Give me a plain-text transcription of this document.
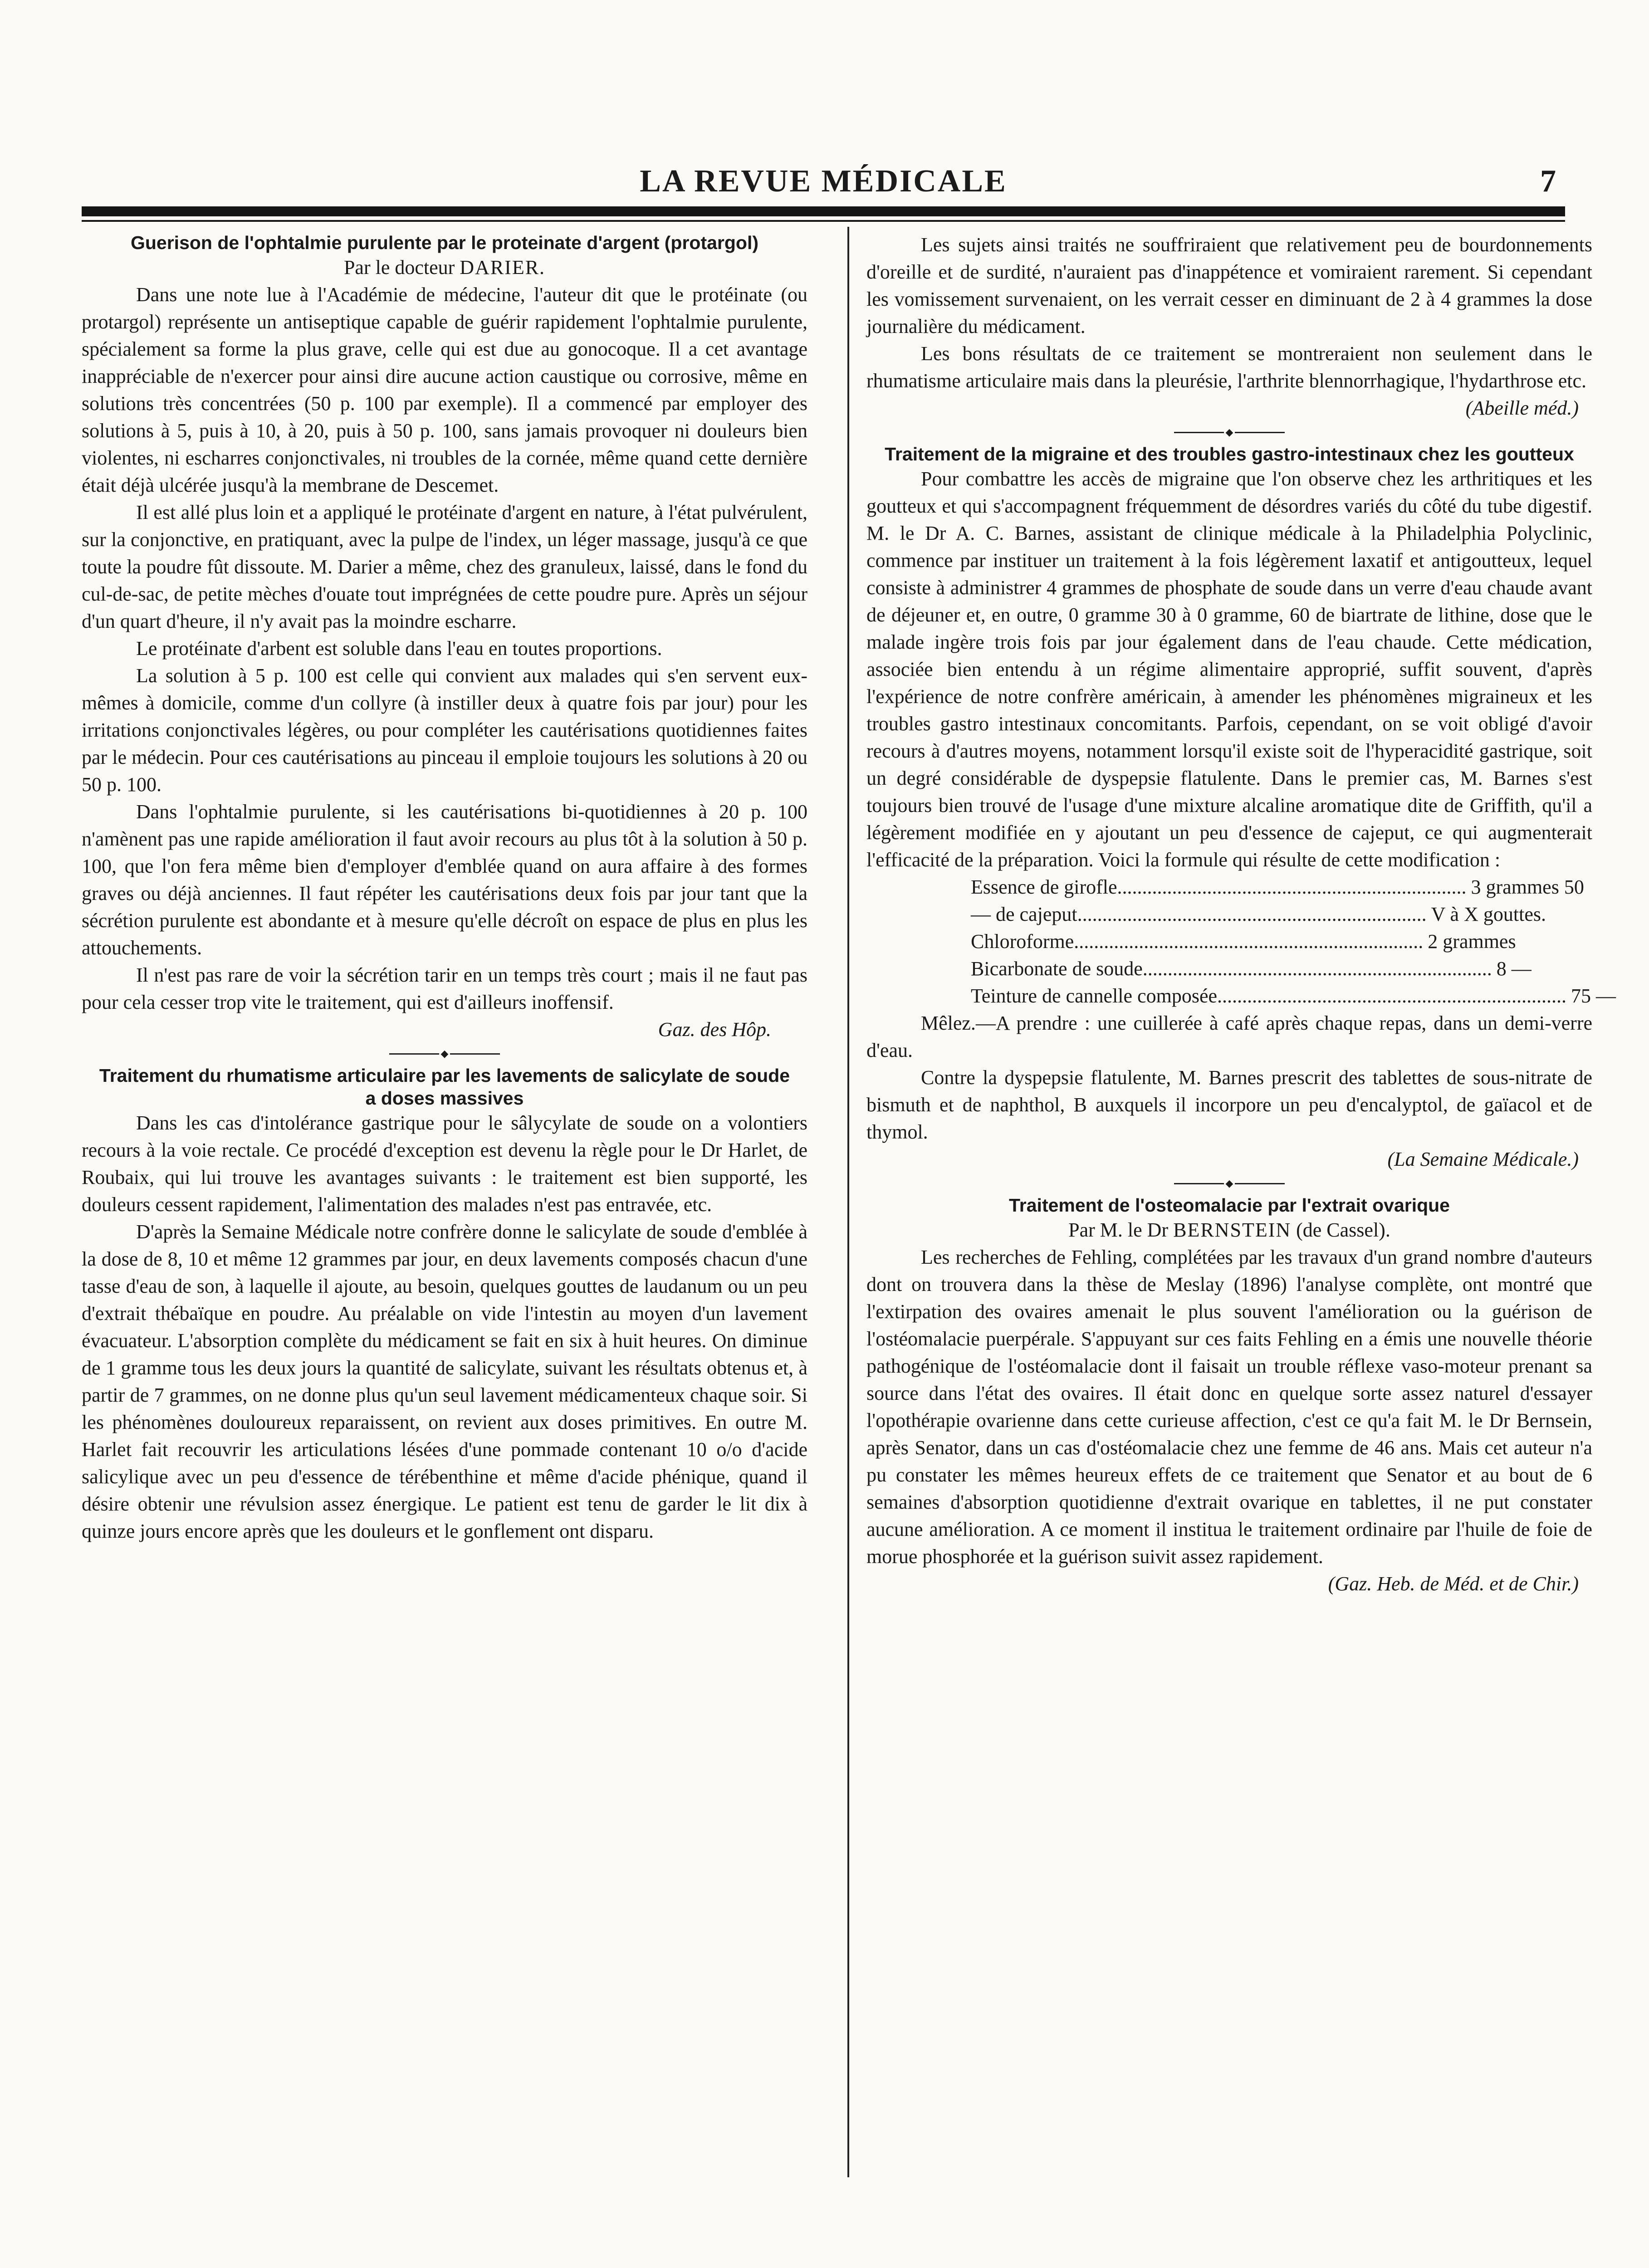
LA REVUE MÉDICALE	7
Guerison de l'ophtalmie purulente par le proteinate d'argent (protargol)
Par le docteur DARIER.

Dans une note lue à l'Académie de médecine, l'auteur dit que le protéinate (ou protargol) représente un antiseptique capable de guérir rapidement l'ophtalmie purulente, spécialement sa forme la plus grave, celle qui est due au gonocoque. Il a cet avantage inappréciable de n'exercer pour ainsi dire aucune action caustique ou corrosive, même en solutions très concentrées (50 p. 100 par exemple). Il a commencé par employer des solutions à 5, puis à 10, à 20, puis à 50 p. 100, sans jamais provoquer ni douleurs bien violentes, ni escharres conjonctivales, ni troubles de la cornée, même quand cette dernière était déjà ulcérée jusqu'à la membrane de Descemet.

Il est allé plus loin et a appliqué le protéinate d'argent en nature, à l'état pulvérulent, sur la conjonctive, en pratiquant, avec la pulpe de l'index, un léger massage, jusqu'à ce que toute la poudre fût dissoute. M. Darier a même, chez des granuleux, laissé, dans le fond du cul-de-sac, de petite mèches d'ouate tout imprégnées de cette poudre pure. Après un séjour d'un quart d'heure, il n'y avait pas la moindre escharre.

Le protéinate d'arbent est soluble dans l'eau en toutes proportions.

La solution à 5 p. 100 est celle qui convient aux malades qui s'en servent eux-mêmes à domicile, comme d'un collyre (à instiller deux à quatre fois par jour) pour les irritations conjonctivales légères, ou pour compléter les cautérisations quotidiennes faites par le médecin. Pour ces cautérisations au pinceau il emploie toujours les solutions à 20 ou 50 p. 100.

Dans l'ophtalmie purulente, si les cautérisations bi-quotidiennes à 20 p. 100 n'amènent pas une rapide amélioration il faut avoir recours au plus tôt à la solution à 50 p. 100, que l'on fera même bien d'employer d'emblée quand on aura affaire à des formes graves ou déjà anciennes. Il faut répéter les cautérisations deux fois par jour tant que la sécrétion purulente est abondante et à mesure qu'elle décroît on espace de plus en plus les attouchements.

Il n'est pas rare de voir la sécrétion tarir en un temps très court ; mais il ne faut pas pour cela cesser trop vite le traitement, qui est d'ailleurs inoffensif.

Gaz. des Hôp.
◆
Traitement du rhumatisme articulaire par les lavements de salicylate de soude a doses massives

Dans les cas d'intolérance gastrique pour le sâlycylate de soude on a volontiers recours à la voie rectale. Ce procédé d'exception est devenu la règle pour le Dr Harlet, de Roubaix, qui lui trouve les avantages suivants : le traitement est bien supporté, les douleurs cessent rapidement, l'alimentation des malades n'est pas entravée, etc.

D'après la Semaine Médicale notre confrère donne le salicylate de soude d'emblée à la dose de 8, 10 et même 12 grammes par jour, en deux lavements composés chacun d'une tasse d'eau de son, à laquelle il ajoute, au besoin, quelques gouttes de laudanum ou un peu d'extrait thébaïque en poudre. Au préalable on vide l'intestin au moyen d'un lavement évacuateur. L'absorption complète du médicament se fait en six à huit heures. On diminue de 1 gramme tous les deux jours la quantité de salicylate, suivant les résultats obtenus et, à partir de 7 grammes, on ne donne plus qu'un seul lavement médicamenteux chaque soir. Si les phénomènes douloureux reparaissent, on revient aux doses primitives. En outre M. Harlet fait recouvrir les articulations lésées d'une pommade contenant 10 o/o d'acide salicylique avec un peu d'essence de térébenthine et même d'acide phénique, quand il désire obtenir une révulsion assez énergique. Le patient est tenu de garder le lit dix à quinze jours encore après que les douleurs et le gonflement ont disparu.

Les sujets ainsi traités ne souffriraient que relativement peu de bourdonnements d'oreille et de surdité, n'auraient pas d'inappétence et vomiraient rarement. Si cependant les vomissement survenaient, on les verrait cesser en diminuant de 2 à 4 grammes la dose journalière du médicament.

Les bons résultats de ce traitement se montreraient non seulement dans le rhumatisme articulaire mais dans la pleurésie, l'arthrite blennorrhagique, l'hydarthrose etc.

(Abeille méd.)
◆
Traitement de la migraine et des troubles gastro-intestinaux chez les goutteux

Pour combattre les accès de migraine que l'on observe chez les arthritiques et les goutteux et qui s'accompagnent fréquemment de désordres variés du côté du tube digestif. M. le Dr A. C. Barnes, assistant de clinique médicale à la Philadelphia Polyclinic, commence par instituer un traitement à la fois légèrement laxatif et antigoutteux, lequel consiste à administrer 4 grammes de phosphate de soude dans un verre d'eau chaude avant de déjeuner et, en outre, 0 gramme 30 à 0 gramme, 60 de biartrate de lithine, dose que le malade ingère trois fois par jour également dans de l'eau chaude. Cette médication, associée bien entendu à un régime alimentaire approprié, suffit souvent, d'après l'expérience de notre confrère américain, à amender les phénomènes migraineux et les troubles gastro intestinaux concomitants. Parfois, cependant, on se voit obligé d'avoir recours à d'autres moyens, notamment lorsqu'il existe soit de l'hyperacidité gastrique, soit un degré considérable de dyspepsie flatulente. Dans le premier cas, M. Barnes s'est toujours bien trouvé de l'usage d'une mixture alcaline aromatique dite de Griffith, qu'il a légèrement modifiée en y ajoutant un peu d'essence de cajeput, ce qui augmenterait l'efficacité de la préparation. Voici la formule qui résulte de cette modification :

Essence de girofle ...................................................................... 3 grammes 50
— de cajeput ...................................................................... V à X gouttes.
Chloroforme ...................................................................... 2 grammes
Bicarbonate de soude ...................................................................... 8 —
Teinture de cannelle composée ...................................................................... 75 —

Mêlez.—A prendre : une cuillerée à café après chaque repas, dans un demi-verre d'eau.

Contre la dyspepsie flatulente, M. Barnes prescrit des tablettes de sous-nitrate de bismuth et de naphthol, B auxquels il incorpore un peu d'encalyptol, de gaïacol et de thymol.

(La Semaine Médicale.)
◆
Traitement de l'osteomalacie par l'extrait ovarique
Par M. le Dr BERNSTEIN (de Cassel).

Les recherches de Fehling, complétées par les travaux d'un grand nombre d'auteurs dont on trouvera dans la thèse de Meslay (1896) l'analyse complète, ont montré que l'extirpation des ovaires amenait le plus souvent l'amélioration ou la guérison de l'ostéomalacie puerpérale. S'appuyant sur ces faits Fehling en a émis une nouvelle théorie pathogénique de l'ostéomalacie dont il faisait un trouble réflexe vaso-moteur prenant sa source dans l'état des ovaires. Il était donc en quelque sorte assez naturel d'essayer l'opothérapie ovarienne dans cette curieuse affection, c'est ce qu'a fait M. le Dr Bernsein, après Senator, dans un cas d'ostéomalacie chez une femme de 46 ans. Mais cet auteur n'a pu constater les mêmes heureux effets de ce traitement que Senator et au bout de 6 semaines d'absorption quotidienne d'extrait ovarique en tablettes, il ne put constater aucune amélioration. A ce moment il institua le traitement ordinaire par l'huile de foie de morue phosphorée et la guérison suivit assez rapidement.

(Gaz. Heb. de Méd. et de Chir.)
